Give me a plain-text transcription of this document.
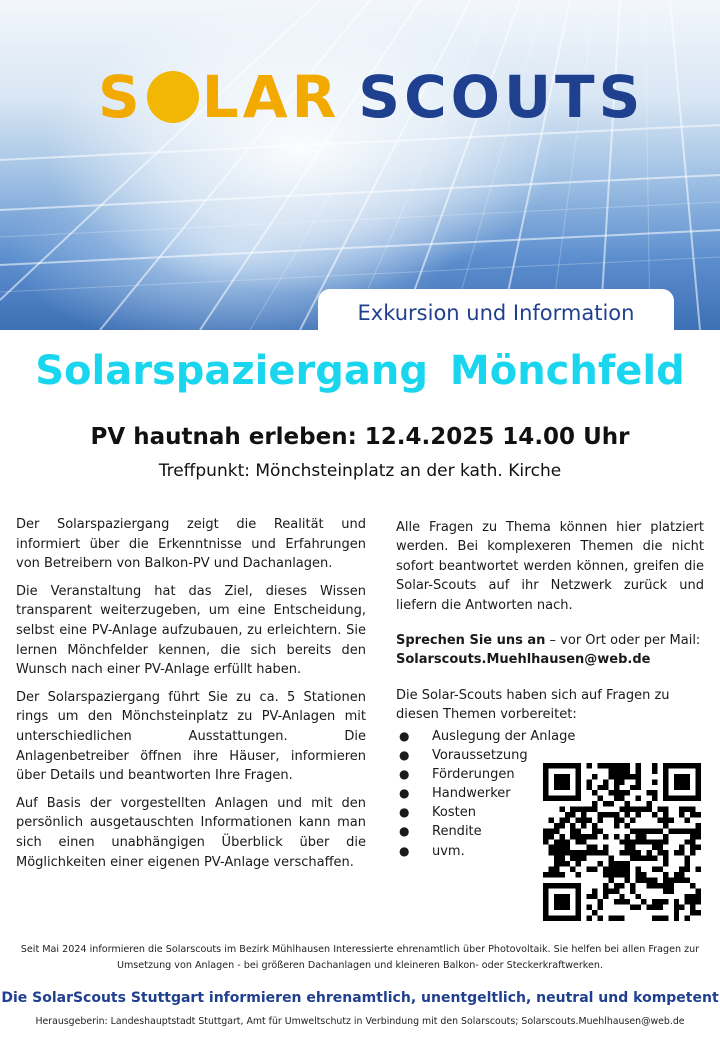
S LAR SCOUTS
Exkursion und Information
Solarspaziergang Mönchfeld
PV hautnah erleben: 12.4.2025 14.00 Uhr
Treffpunkt: Mönchsteinplatz an der kath. Kirche

Der Solarspaziergang zeigt die Realität und informiert über die Erkenntnisse und Erfahrungen von Betreibern von Balkon-PV und Dachanlagen.

Die Veranstaltung hat das Ziel, dieses Wissen transparent weiterzugeben, um eine Entscheidung, selbst eine PV-Anlage aufzubauen, zu erleichtern. Sie lernen Mönchfelder kennen, die sich bereits den Wunsch nach einer PV-Anlage erfüllt haben.

Der Solarspaziergang führt Sie zu ca. 5 Stationen rings um den Mönchsteinplatz zu PV-Anlagen mit unterschiedlichen Ausstattungen. Die Anlagenbetreiber öffnen ihre Häuser, informieren über Details und beantworten Ihre Fragen.

Auf Basis der vorgestellten Anlagen und mit den persönlich ausgetauschten Informationen kann man sich einen unabhängigen Überblick über die Möglichkeiten einer eigenen PV-Anlage verschaffen.

Alle Fragen zu Thema können hier platziert werden. Bei komplexeren Themen die nicht sofort beantwortet werden können, greifen die Solar-Scouts auf ihr Netzwerk zurück und liefern die Antworten nach.
Sprechen Sie uns an – vor Ort oder per Mail:
Solarscouts.Muehlhausen@web.de
Die Solar-Scouts haben sich auf Fragen zu diesen Themen vorbereitet:
●	Auslegung der Anlage
●	Voraussetzung
●	Förderungen
●	Handwerker
●	Kosten
●	Rendite
●	uvm.
Seit Mai 2024 informieren die Solarscouts im Bezirk Mühlhausen Interessierte ehrenamtlich über Photovoltaik. Sie helfen bei allen Fragen zur Umsetzung von Anlagen - bei größeren Dachanlagen und kleineren Balkon- oder Steckerkraftwerken.
Die SolarScouts Stuttgart informieren ehrenamtlich, unentgeltlich, neutral und kompetent
Herausgeberin: Landeshauptstadt Stuttgart, Amt für Umweltschutz in Verbindung mit den Solarscouts; Solarscouts.Muehlhausen@web.de
